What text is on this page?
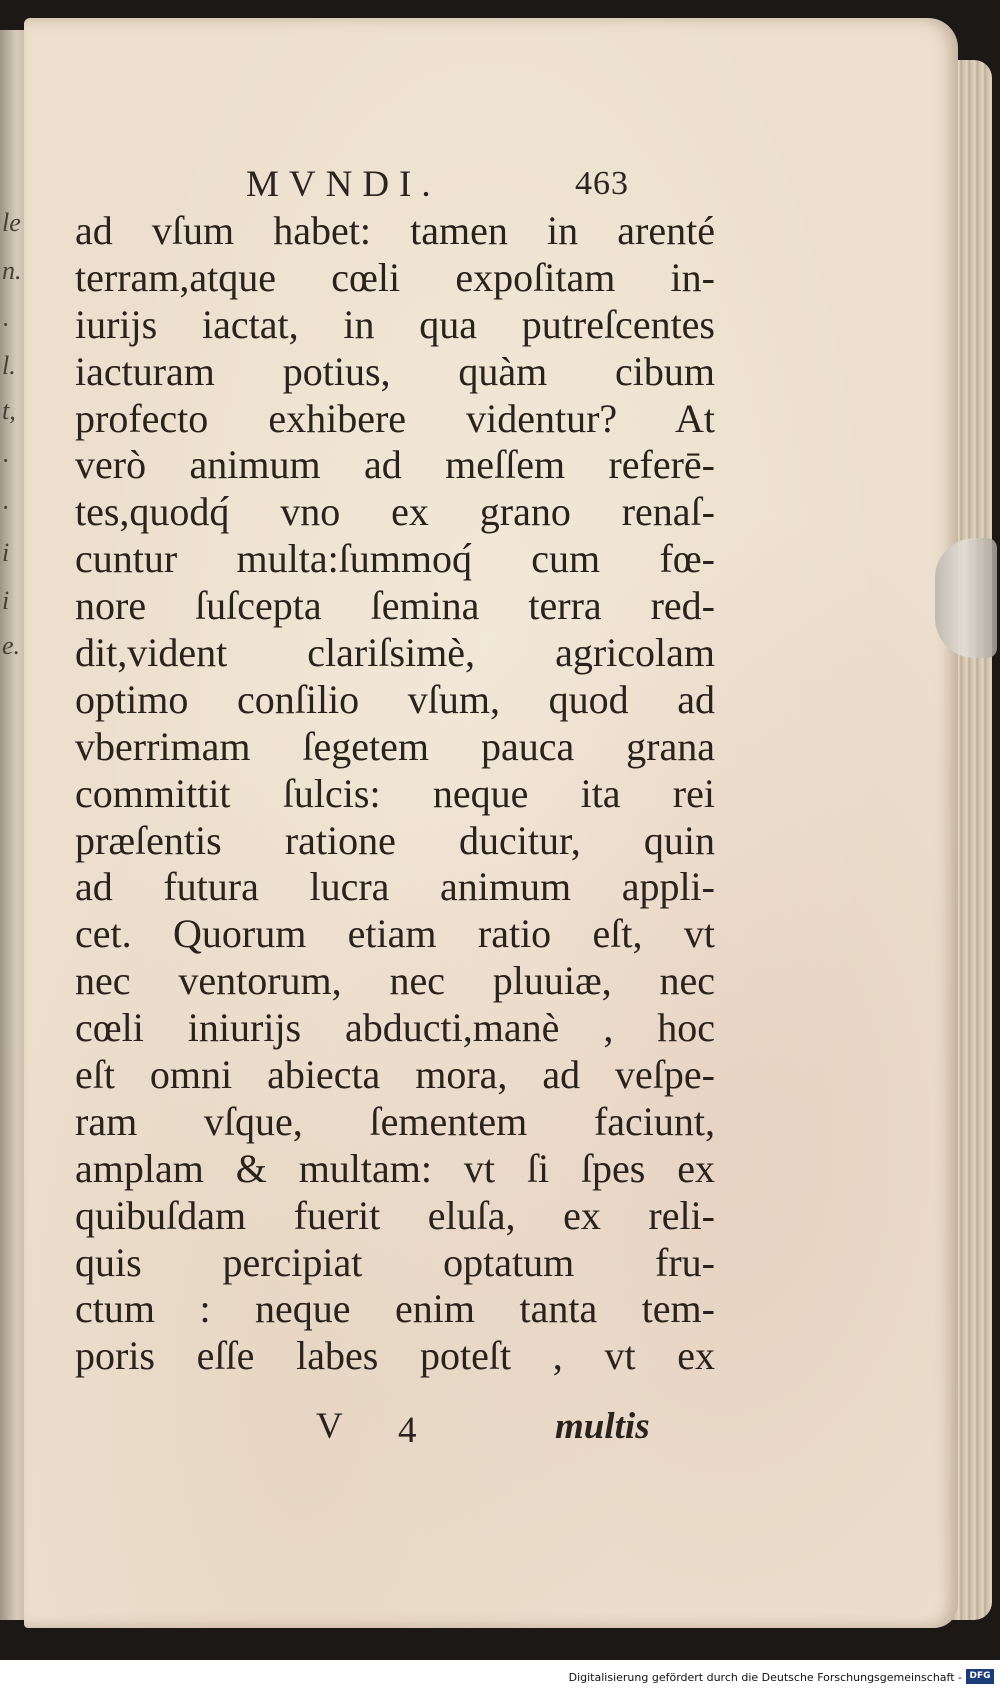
le
n.
·
l.
t,
·
·
i
i
e.
MVNDI.	463
ad vſum habet: tamen in arenté
terram,atque cœli expoſitam in-
iurijs iactat, in qua putreſcentes
iacturam potius, quàm cibum
profecto exhibere videntur? At
verò animum ad meſſem referē-
tes,quodq́ vno ex grano renaſ-
cuntur multa:ſummoq́ cum fœ-
nore ſuſcepta ſemina terra red-
dit,vident clariſsimè, agricolam
optimo conſilio vſum, quod ad
vberrimam ſegetem pauca grana
committit ſulcis: neque ita rei
præſentis ratione ducitur, quin
ad futura lucra animum appli-
cet. Quorum etiam ratio eſt, vt
nec ventorum, nec pluuiæ, nec
cœli iniurijs abducti,manè , hoc
eſt omni abiecta mora, ad veſpe-
ram vſque, ſementem faciunt,
amplam & multam: vt ſi ſpes ex
quibuſdam fuerit eluſa, ex reli-
quis percipiat optatum fru-
ctum : neque enim tanta tem-
poris eſſe labes poteſt , vt ex
V 4	multis
Digitalisierung gefördert durch die Deutsche Forschungsgemeinschaft - DFG
